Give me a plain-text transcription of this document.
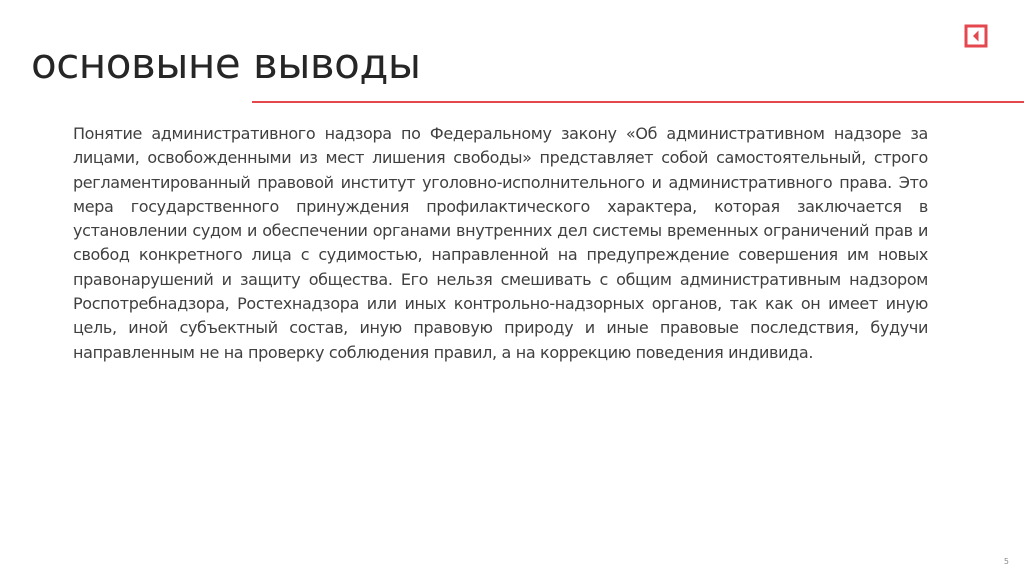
основыне выводы

Понятие административного надзора по Федеральному закону «Об административном надзоре за лицами, освобожденными из мест лишения свободы» представляет собой самостоятельный, строго регламентированный правовой институт уголовно-исполнительного и административного права. Это мера государственного принуждения профилактического характера, которая заключается в установлении судом и обеспечении органами внутренних дел системы временных ограничений прав и свобод конкретного лица с судимостью, направленной на предупреждение совершения им новых правонарушений и защиту общества. Его нельзя смешивать с общим административным надзором Роспотребнадзора, Ростехнадзора или иных контрольно-надзорных органов, так как он имеет иную цель, иной субъектный состав, иную правовую природу и иные правовые последствия, будучи направленным не на проверку соблюдения правил, а на коррекцию поведения индивида.

5
